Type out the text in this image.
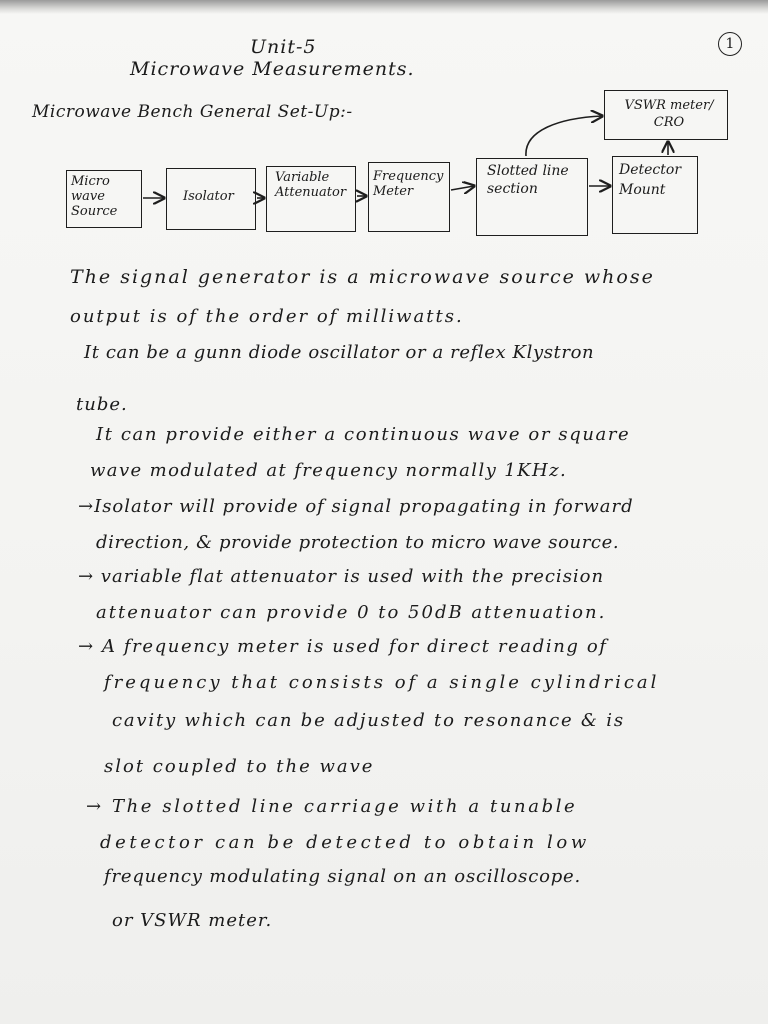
1
Unit-5
Microwave Measurements.
Microwave Bench General Set-Up:-
Micro wave Source
Isolator
Variable Attenuator
Frequency Meter
Slotted line section
Detector Mount
VSWR meter/ CRO
The signal generator is a microwave source whose
output is of the order of milliwatts.
It can be a gunn diode oscillator or a reflex Klystron
tube.
It can provide either a continuous wave or square
wave modulated at frequency normally 1KHz.
→Isolator will provide of signal propagating in forward
direction, & provide protection to micro wave source.
→ variable flat attenuator is used with the precision
attenuator can provide 0 to 50dB attenuation.
→ A frequency meter is used for direct reading of
frequency that consists of a single cylindrical
cavity which can be adjusted to resonance & is
slot coupled to the wave
→ The slotted line carriage with a tunable
detector can be detected to obtain low
frequency modulating signal on an oscilloscope.
or VSWR meter.
